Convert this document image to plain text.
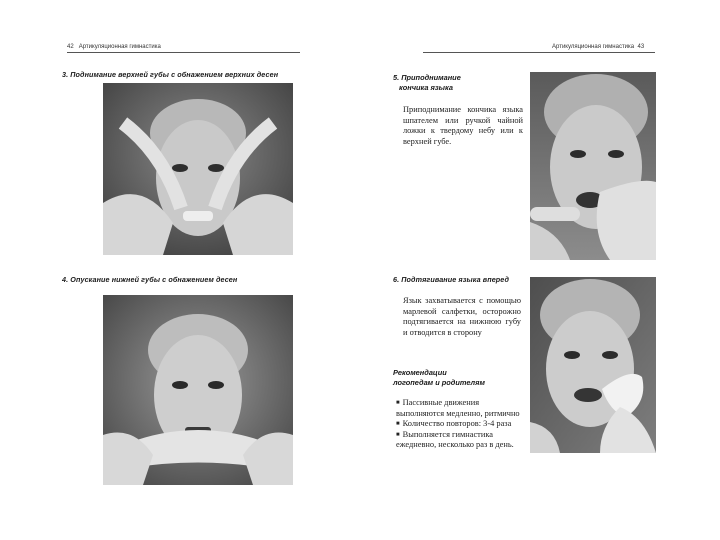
42 Артикуляционная гимнастика
3. Поднимание верхней губы с обнажением верхних десен
4. Опускание нижней губы с обнажением десен
Артикуляционная гимнастика 43
5. Приподнимание
кончика языка
Приподнимание кончика языка шпателем или ручкой чайной ложки к твердому небу или к верхней губе.
6. Подтягивание языка вперед
Язык захватывается с помощью марлевой салфетки, осторожно подтягивается на нижнюю губу и отводится в сторону
Рекомендации
логопедам и родителям
■ Пассивные движения выполняются медленно, ритмично
■ Количество повторов: 3-4 раза
■ Выполняется гимнастика ежедневно, несколько раз в день.
